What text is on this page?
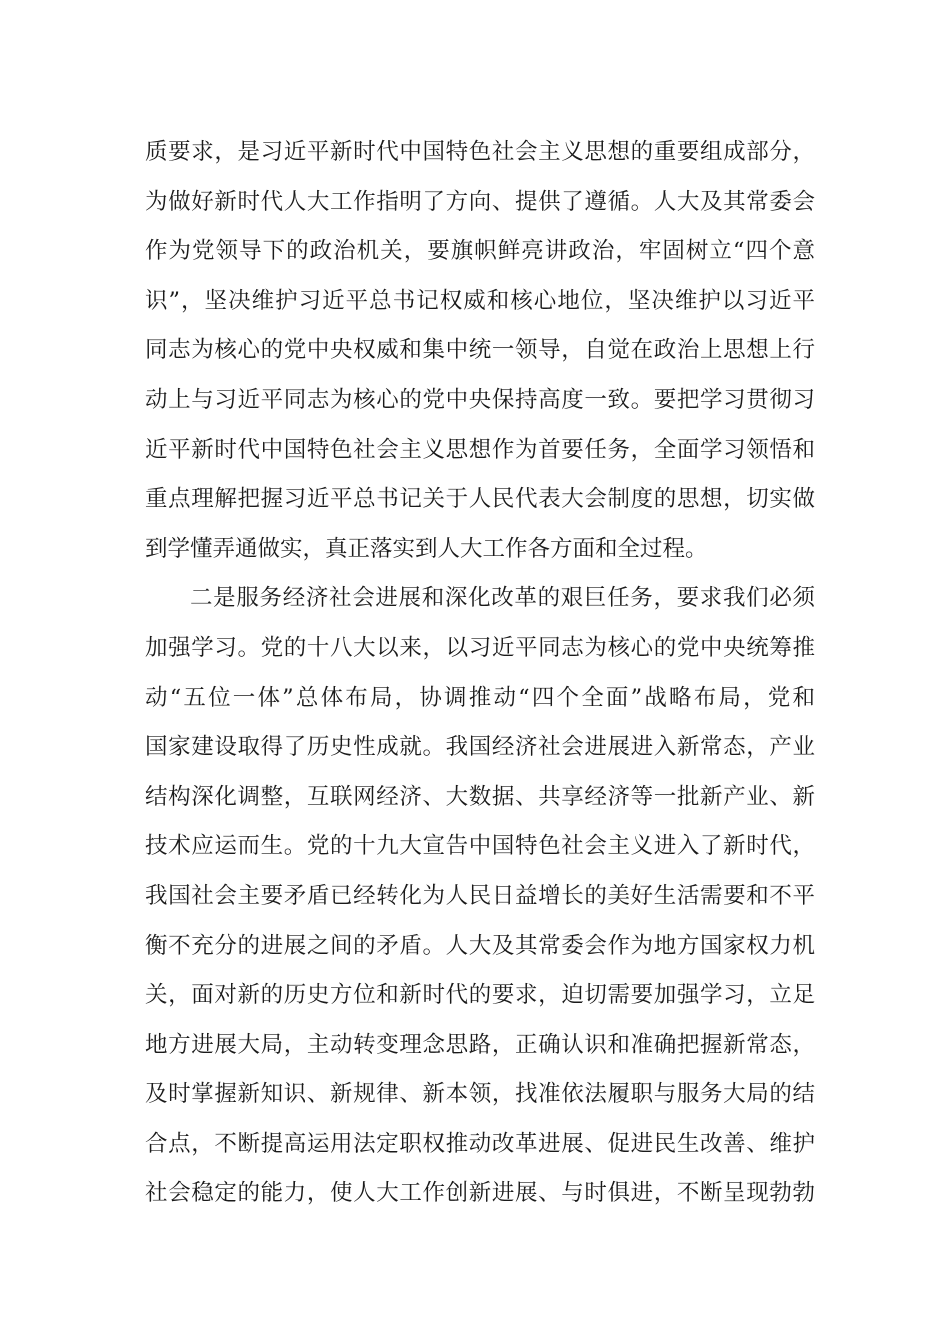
质要求，是习近平新时代中国特色社会主义思想的重要组成部分，
为做好新时代人大工作指明了方向、提供了遵循。人大及其常委会
作为党领导下的政治机关，要旗帜鲜亮讲政治，牢固树立“四个意
识”，坚决维护习近平总书记权威和核心地位，坚决维护以习近平
同志为核心的党中央权威和集中统一领导，自觉在政治上思想上行
动上与习近平同志为核心的党中央保持高度一致。要把学习贯彻习
近平新时代中国特色社会主义思想作为首要任务，全面学习领悟和
重点理解把握习近平总书记关于人民代表大会制度的思想，切实做
到学懂弄通做实，真正落实到人大工作各方面和全过程。
二是服务经济社会进展和深化改革的艰巨任务，要求我们必须
加强学习。党的十八大以来，以习近平同志为核心的党中央统筹推
动“五位一体”总体布局，协调推动“四个全面”战略布局，党和
国家建设取得了历史性成就。我国经济社会进展进入新常态，产业
结构深化调整，互联网经济、大数据、共享经济等一批新产业、新
技术应运而生。党的十九大宣告中国特色社会主义进入了新时代，
我国社会主要矛盾已经转化为人民日益增长的美好生活需要和不平
衡不充分的进展之间的矛盾。人大及其常委会作为地方国家权力机
关，面对新的历史方位和新时代的要求，迫切需要加强学习，立足
地方进展大局，主动转变理念思路，正确认识和准确把握新常态，
及时掌握新知识、新规律、新本领，找准依法履职与服务大局的结
合点，不断提高运用法定职权推动改革进展、促进民生改善、维护
社会稳定的能力，使人大工作创新进展、与时俱进，不断呈现勃勃
